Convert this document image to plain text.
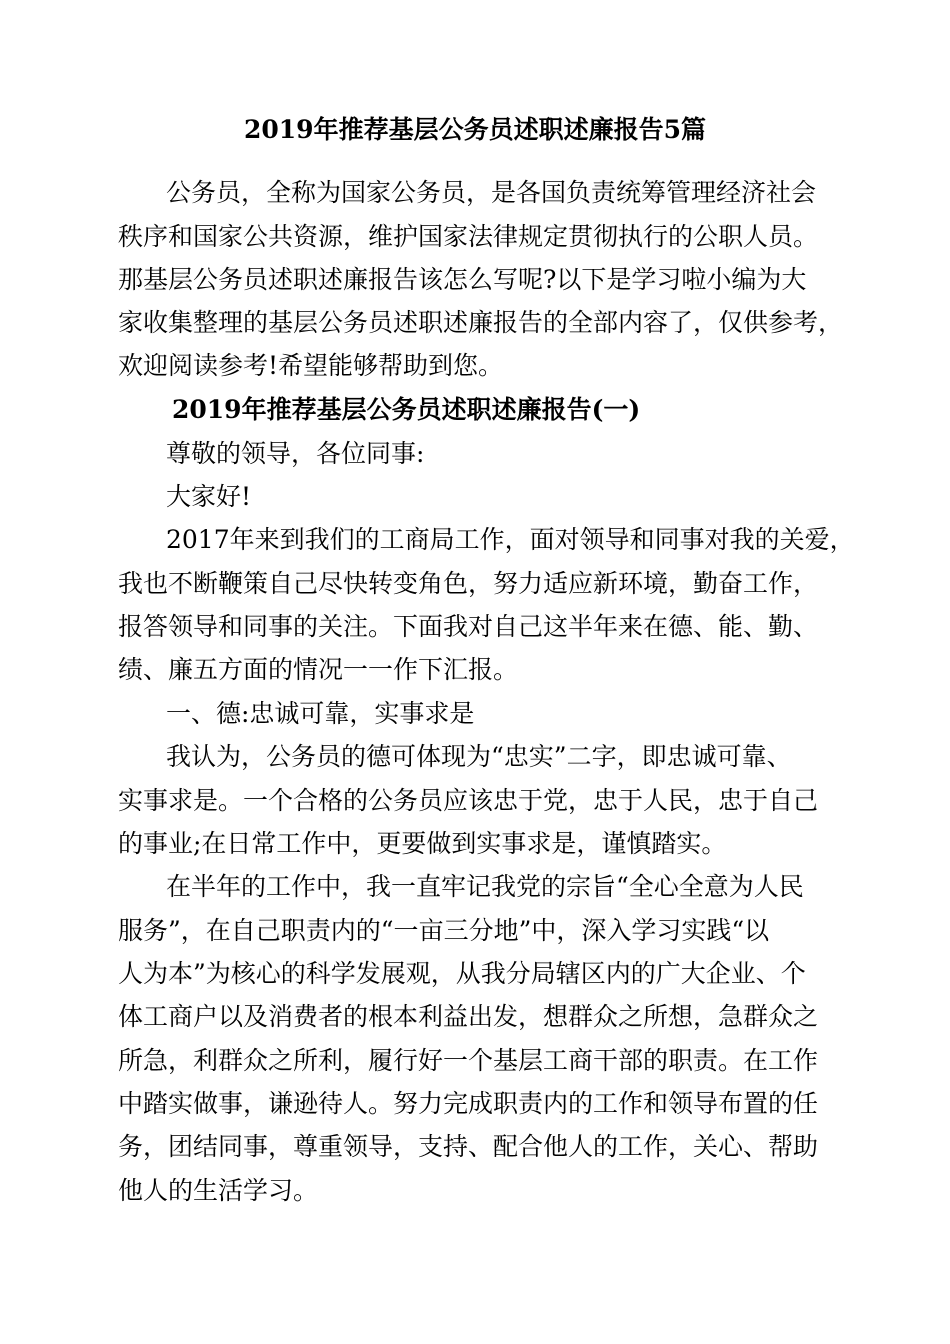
2019年推荐基层公务员述职述廉报告5篇
公务员，全称为国家公务员，是各国负责统筹管理经济社会
秩序和国家公共资源，维护国家法律规定贯彻执行的公职人员。
那基层公务员述职述廉报告该怎么写呢?以下是学习啦小编为大
家收集整理的基层公务员述职述廉报告的全部内容了，仅供参考，
欢迎阅读参考!希望能够帮助到您。
2019年推荐基层公务员述职述廉报告(一)
尊敬的领导，各位同事:
大家好!
2017年来到我们的工商局工作，面对领导和同事对我的关爱，
我也不断鞭策自己尽快转变角色，努力适应新环境，勤奋工作，
报答领导和同事的关注。下面我对自己这半年来在德、能、勤、
绩、廉五方面的情况一一作下汇报。
一、德:忠诚可靠，实事求是
我认为，公务员的德可体现为“忠实”二字，即忠诚可靠、
实事求是。一个合格的公务员应该忠于党，忠于人民，忠于自己
的事业;在日常工作中，更要做到实事求是，谨慎踏实。
在半年的工作中，我一直牢记我党的宗旨“全心全意为人民
服务”，在自己职责内的“一亩三分地”中，深入学习实践“以
人为本”为核心的科学发展观，从我分局辖区内的广大企业、个
体工商户以及消费者的根本利益出发，想群众之所想，急群众之
所急，利群众之所利，履行好一个基层工商干部的职责。在工作
中踏实做事，谦逊待人。努力完成职责内的工作和领导布置的任
务，团结同事，尊重领导，支持、配合他人的工作，关心、帮助
他人的生活学习。
